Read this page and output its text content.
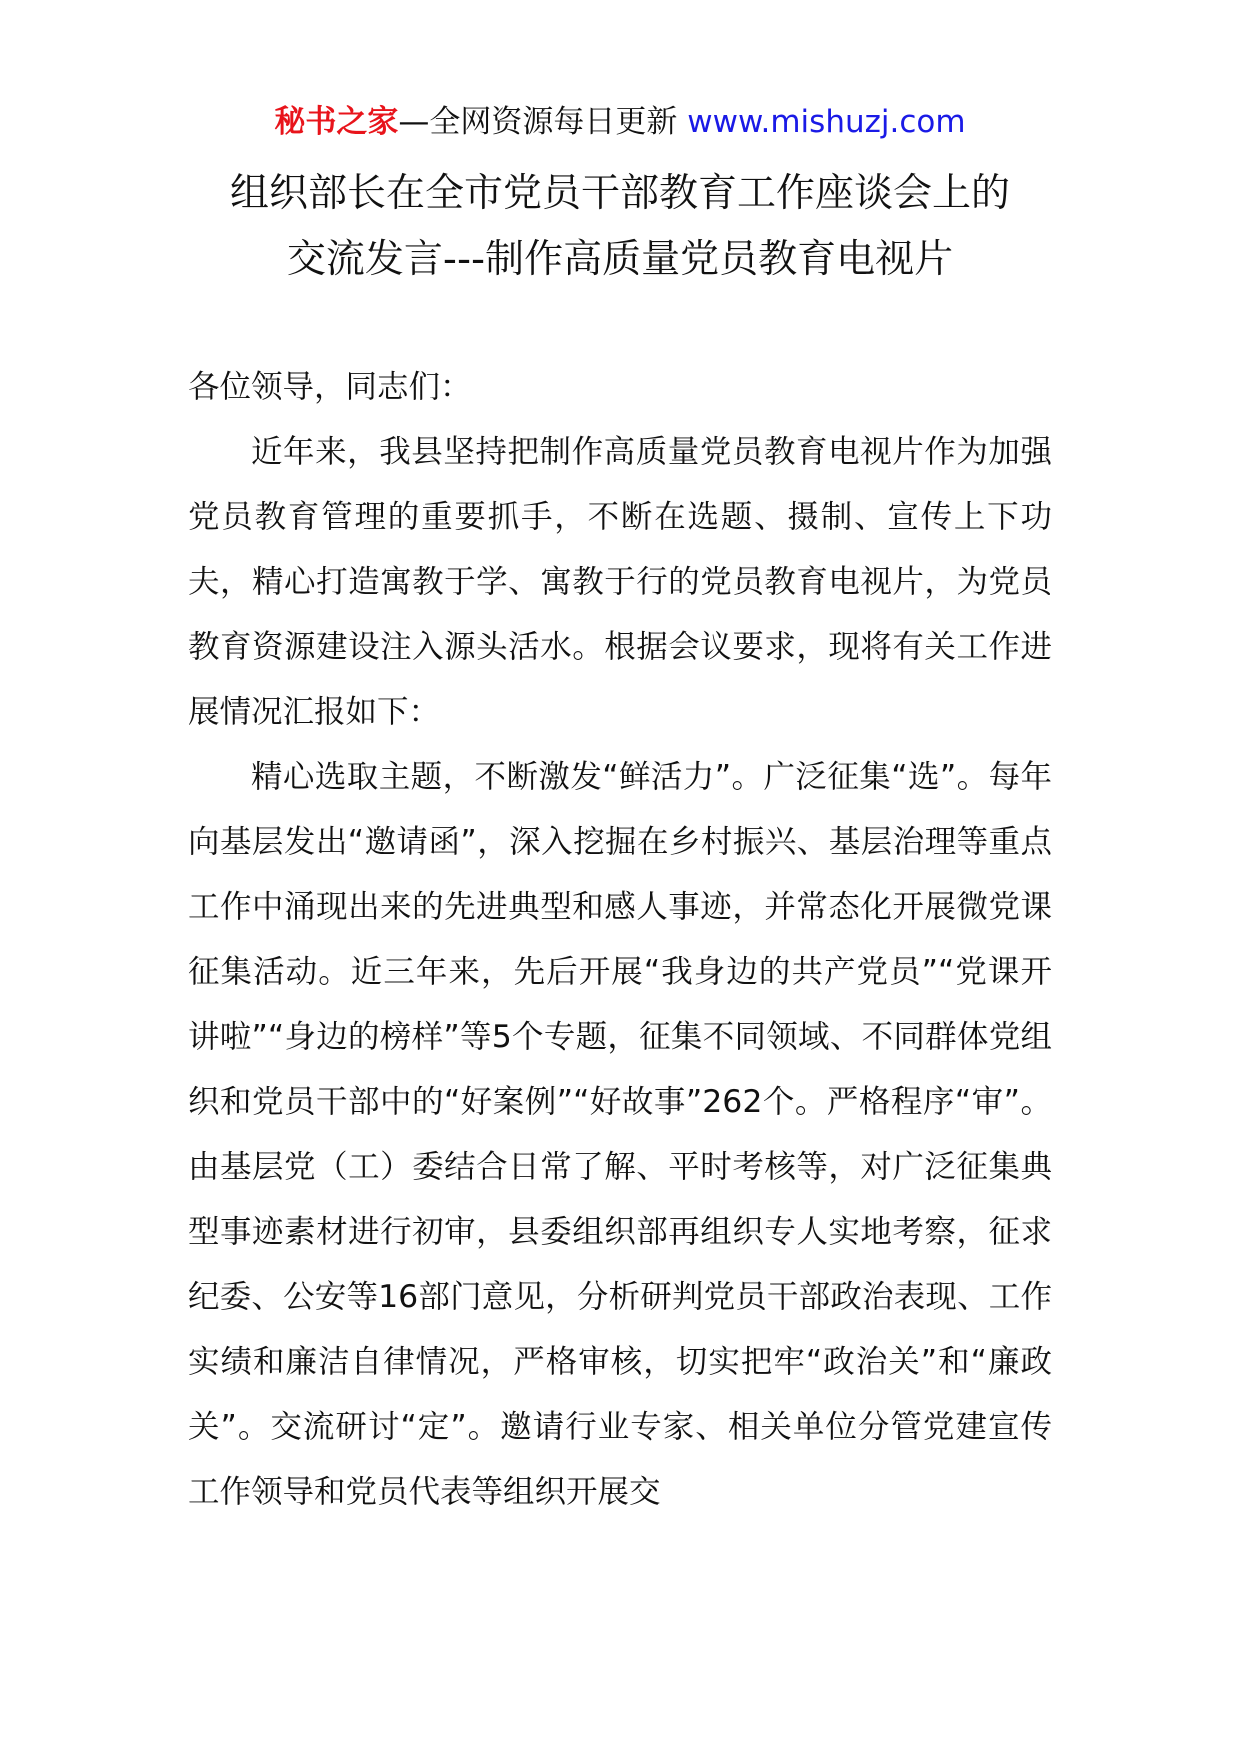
秘书之家—全网资源每日更新 www.mishuzj.com
组织部长在全市党员干部教育工作座谈会上的
交流发言---制作高质量党员教育电视片

各位领导，同志们：

近年来，我县坚持把制作高质量党员教育电视片作为加强党员教育管理的重要抓手，不断在选题、摄制、宣传上下功夫，精心打造寓教于学、寓教于行的党员教育电视片，为党员教育资源建设注入源头活水。根据会议要求，现将有关工作进展情况汇报如下：

精心选取主题，不断激发“鲜活力”。广泛征集“选”。每年向基层发出“邀请函”，深入挖掘在乡村振兴、基层治理等重点工作中涌现出来的先进典型和感人事迹，并常态化开展微党课征集活动。近三年来，先后开展“我身边的共产党员”“党课开讲啦”“身边的榜样”等5个专题，征集不同领域、不同群体党组织和党员干部中的“好案例”“好故事”262个。严格程序“审”。由基层党（工）委结合日常了解、平时考核等，对广泛征集典型事迹素材进行初审，县委组织部再组织专人实地考察，征求纪委、公安等16部门意见，分析研判党员干部政治表现、工作实绩和廉洁自律情况，严格审核，切实把牢“政治关”和“廉政关”。交流研讨“定”。邀请行业专家、相关单位分管党建宣传工作领导和党员代表等组织开展交
